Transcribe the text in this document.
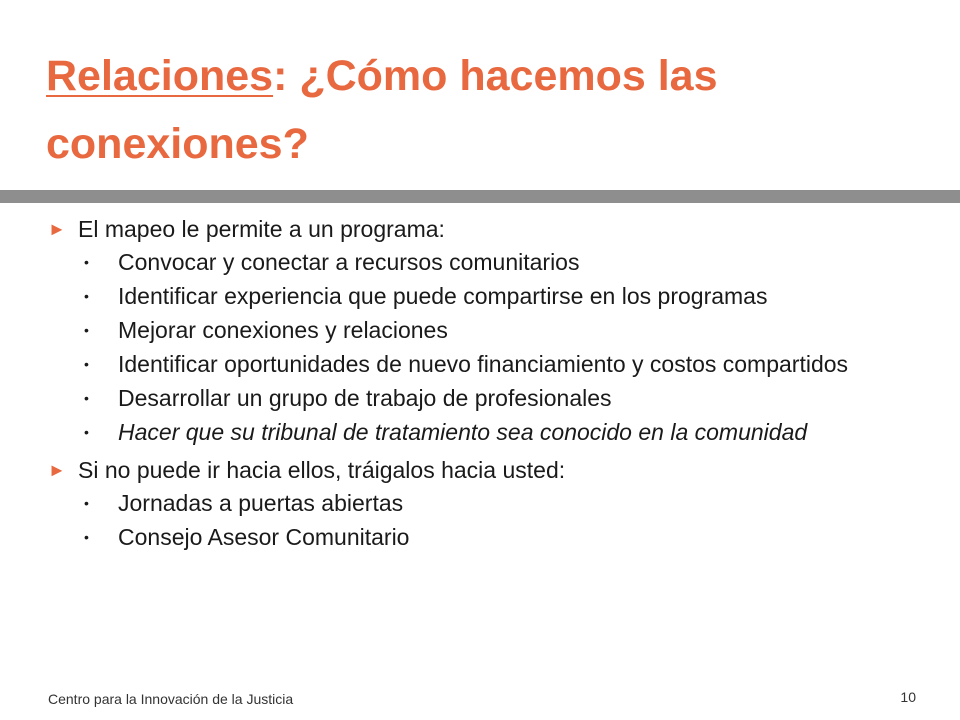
Relaciones: ¿Cómo hacemos las conexiones?
► El mapeo le permite a un programa:
• Convocar y conectar a recursos comunitarios
• Identificar experiencia que puede compartirse en los programas
• Mejorar conexiones y relaciones
• Identificar oportunidades de nuevo financiamiento y costos compartidos
• Desarrollar un grupo de trabajo de profesionales
• Hacer que su tribunal de tratamiento sea conocido en la comunidad
► Si no puede ir hacia ellos, tráigalos hacia usted:
• Jornadas a puertas abiertas
• Consejo Asesor Comunitario
Centro para la Innovación de la Justicia	10
